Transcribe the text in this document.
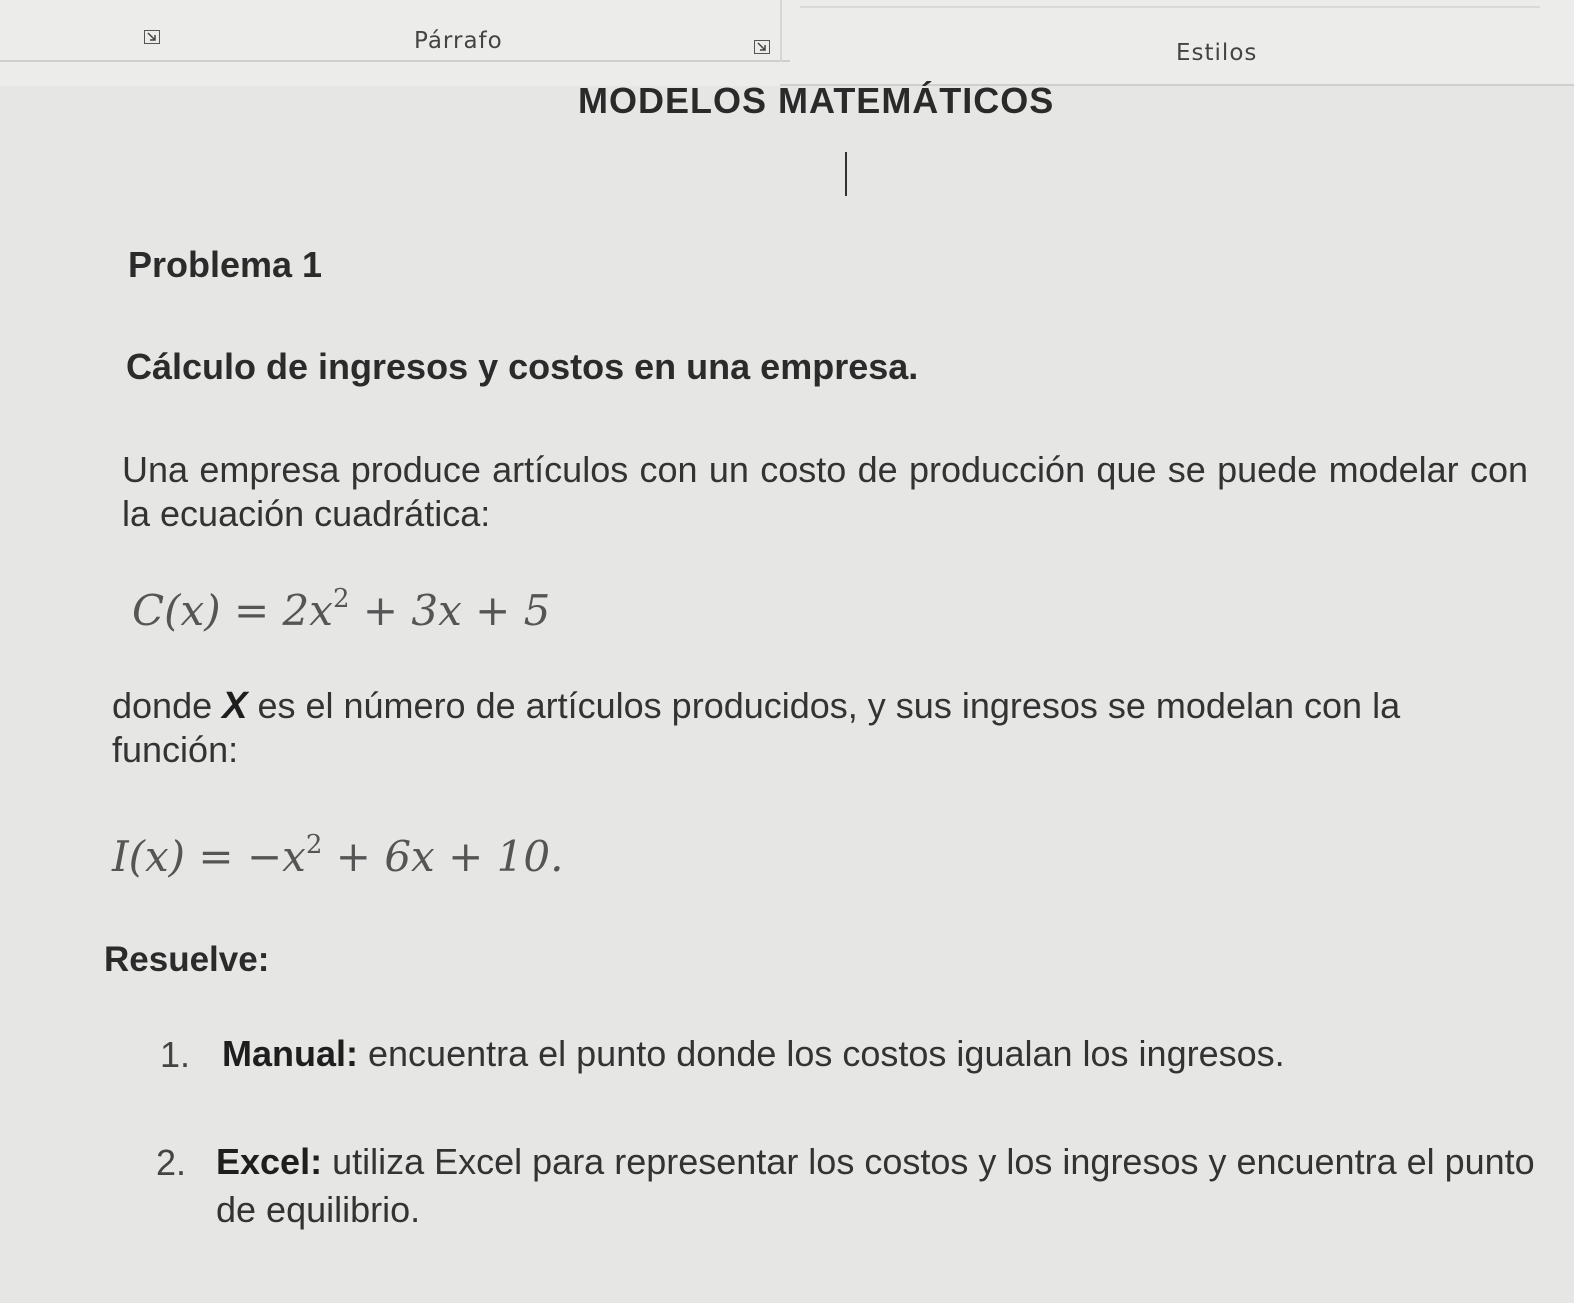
Párrafo	Estilos
MODELOS MATEMÁTICOS
Problema 1
Cálculo de ingresos y costos en una empresa.
Una empresa produce artículos con un costo de producción que se puede modelar con la ecuación cuadrática:
$C(x) = 2x^2 + 3x + 5$
donde X es el número de artículos producidos, y sus ingresos se modelan con la función:
$I(x) = -x^2 + 6x + 10$.
Resuelve:
1. Manual: encuentra el punto donde los costos igualan los ingresos.
2. Excel: utiliza Excel para representar los costos y los ingresos y encuentra el punto de equilibrio.
